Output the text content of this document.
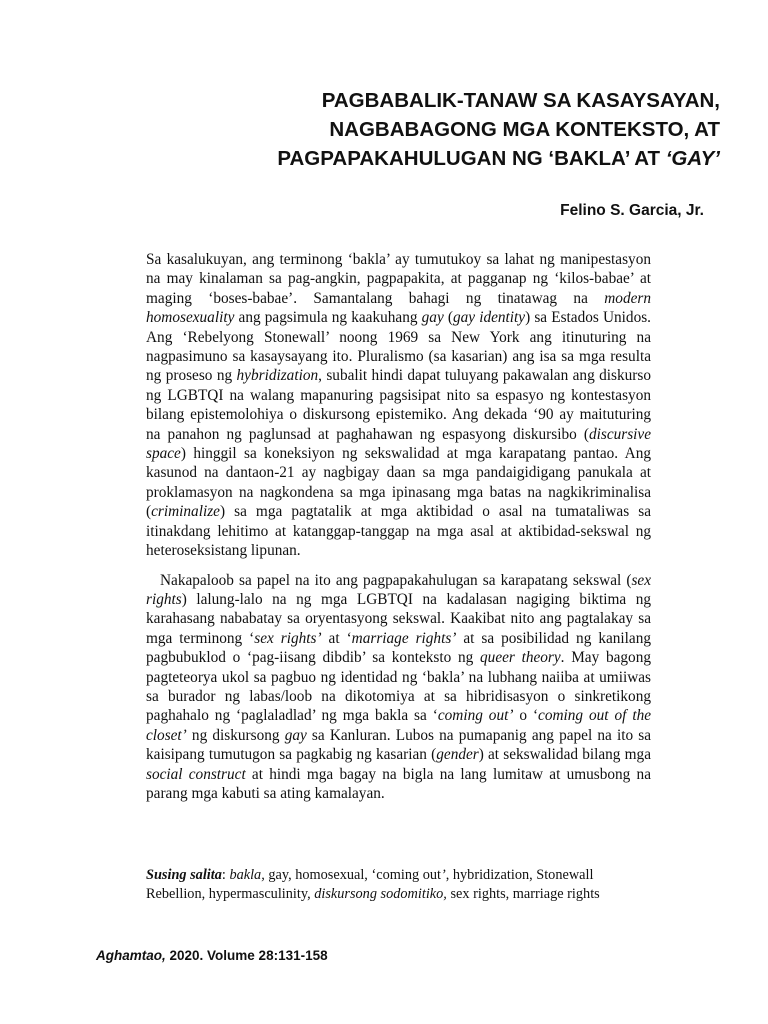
PAGBABALIK-TANAW SA KASAYSAYAN,
NAGBABAGONG MGA KONTEKSTO, AT
PAGPAPAKAHULUGAN NG ‘BAKLA’ AT ‘GAY’
Felino S. Garcia, Jr.

Sa kasalukuyan, ang terminong ‘bakla’ ay tumutukoy sa lahat ng manipestasyon na may kinalaman sa pag-angkin, pagpapakita, at pagganap ng ‘kilos-babae’ at maging ‘boses-babae’. Samantalang bahagi ng tinatawag na modern homosexuality ang pagsimula ng kaakuhang gay (gay identity) sa Estados Unidos. Ang ‘Rebelyong Stonewall’ noong 1969 sa New York ang itinuturing na nagpasimuno sa kasaysayang ito. Pluralismo (sa kasarian) ang isa sa mga resulta ng proseso ng hybridization, subalit hindi dapat tuluyang pakawalan ang diskurso ng LGBTQI na walang mapanuring pagsisipat nito sa espasyo ng kontestasyon bilang epistemolohiya o diskursong epistemiko. Ang dekada ‘90 ay maituturing na panahon ng paglunsad at paghahawan ng espasyong diskursibo (discursive space) hinggil sa koneksiyon ng sekswalidad at mga karapatang pantao. Ang kasunod na dantaon-21 ay nagbigay daan sa mga pandaigidigang panukala at proklamasyon na nagkondena sa mga ipinasang mga batas na nagkikriminalisa (criminalize) sa mga pagtatalik at mga aktibidad o asal na tumataliwas sa itinakdang lehitimo at katanggap-tanggap na mga asal at aktibidad-sekswal ng heteroseksistang lipunan.

Nakapaloob sa papel na ito ang pagpapakahulugan sa karapatang sekswal (sex rights) lalung-lalo na ng mga LGBTQI na kadalasan nagiging biktima ng karahasang nababatay sa oryentasyong sekswal. Kaakibat nito ang pagtalakay sa mga terminong ‘sex rights’ at ‘marriage rights’ at sa posibilidad ng kanilang pagbubuklod o ‘pag-iisang dibdib’ sa konteksto ng queer theory. May bagong pagteteorya ukol sa pagbuo ng identidad ng ‘bakla’ na lubhang naiiba at umiiwas sa burador ng labas/loob na dikotomiya at sa hibridisasyon o sinkretikong paghahalo ng ‘paglaladlad’ ng mga bakla sa ‘coming out’ o ‘coming out of the closet’ ng diskursong gay sa Kanluran. Lubos na pumapanig ang papel na ito sa kaisipang tumutugon sa pagkabig ng kasarian (gender) at sekswalidad bilang mga social construct at hindi mga bagay na bigla na lang lumitaw at umusbong na parang mga kabuti sa ating kamalayan.

Susing salita: bakla, gay, homosexual, ‘coming out’, hybridization, Stonewall Rebellion, hypermasculinity, diskursong sodomitiko, sex rights, marriage rights
Aghamtao, 2020. Volume 28:131-158
